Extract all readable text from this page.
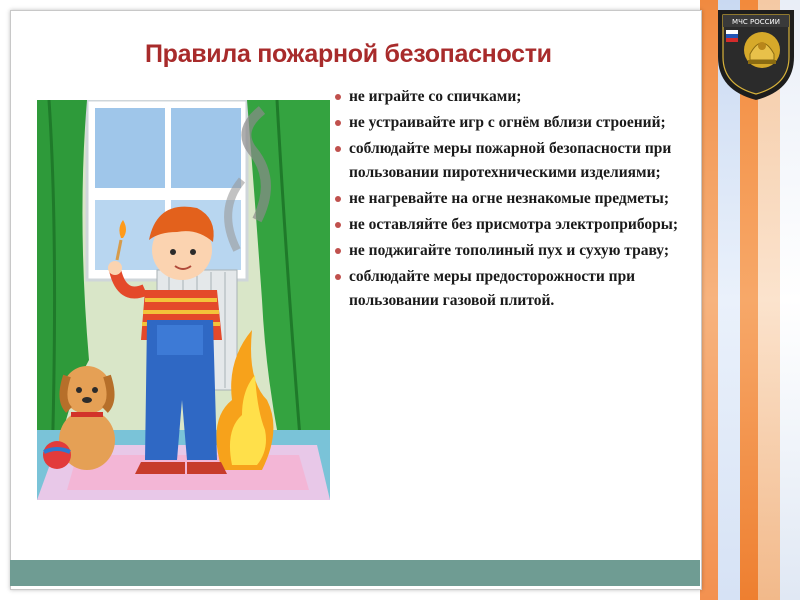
МЧС РОССИИ
Правила пожарной безопасности
не играйте со спичками;
не устраивайте игр с огнём вблизи строений;
соблюдайте меры пожарной безопасности при пользовании пиротехническими изделиями;
не нагревайте на огне незнакомые предметы;
не оставляйте без присмотра электроприборы;
не поджигайте тополиный пух и сухую траву;
соблюдайте меры предосторожности при пользовании газовой плитой.
